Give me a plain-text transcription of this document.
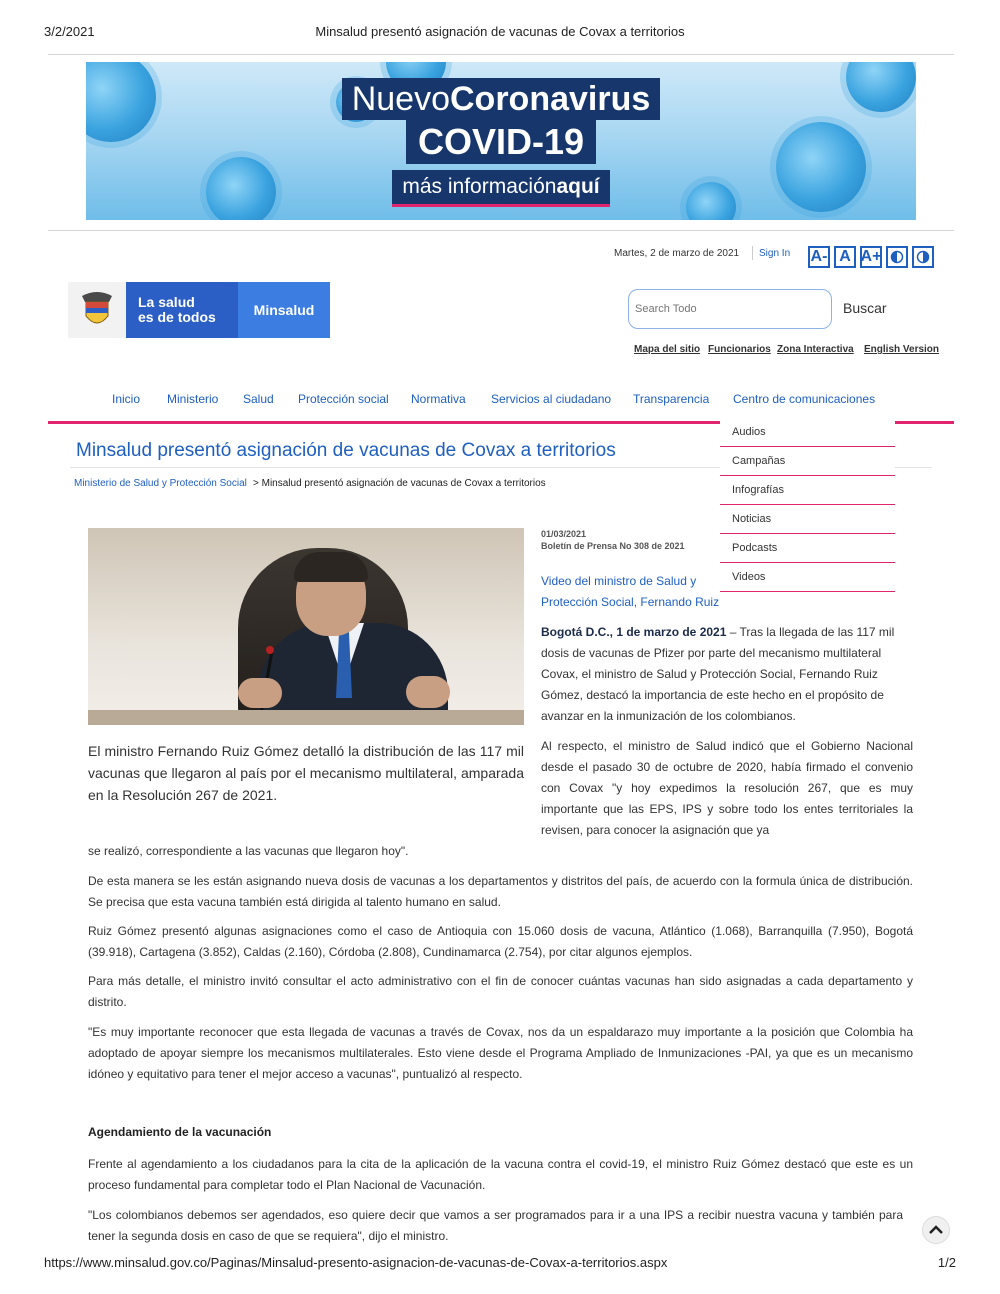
3/2/2021	Minsalud presentó asignación de vacunas de Covax a territorios
NuevoCoronavirus
COVID-19
más informaciónaquí
Martes, 2 de marzo de 2021 Sign In A- A A+
La salud
es de todos	Minsalud
Search Todo	Buscar
Mapa del sitio Funcionarios Zona Interactiva English Version
Inicio Ministerio Salud Protección social Normativa Servicios al ciudadano Transparencia Centro de comunicaciones
Minsalud presentó asignación de vacunas de Covax a territorios
Ministerio de Salud y Protección Social > Minsalud presentó asignación de vacunas de Covax a territorios
Audios
Campañas
Infografías
Noticias
Podcasts
Videos
El ministro Fernando Ruiz Gómez detalló la distribución de las 117 mil vacunas que llegaron al país por el mecanismo multilateral, amparada en la Resolución 267 de 2021.
01/03/2021
Boletín de Prensa No 308 de 2021
Video del ministro de Salud y Protección Social, Fernando Ruiz
Bogotá D.C., 1 de marzo de 2021 – Tras la llegada de las 117 mil dosis de vacunas de Pfizer por parte del mecanismo multilateral Covax, el ministro de Salud y Protección Social, Fernando Ruiz Gómez, destacó la importancia de este hecho en el propósito de avanzar en la inmunización de los colombianos.
Al respecto, el ministro de Salud indicó que el Gobierno Nacional desde el pasado 30 de octubre de 2020, había firmado el convenio con Covax "y hoy expedimos la resolución 267, que es muy importante que las EPS, IPS y sobre todo los entes territoriales la revisen, para conocer la asignación que ya
se realizó, correspondiente a las vacunas que llegaron hoy".
De esta manera se les están asignando nueva dosis de vacunas a los departamentos y distritos del país, de acuerdo con la formula única de distribución. Se precisa que esta vacuna también está dirigida al talento humano en salud.
Ruiz Gómez presentó algunas asignaciones como el caso de Antioquia con 15.060 dosis de vacuna, Atlántico (1.068), Barranquilla (7.950), Bogotá (39.918), Cartagena (3.852), Caldas (2.160), Córdoba (2.808), Cundinamarca (2.754), por citar algunos ejemplos.
Para más detalle, el ministro invitó consultar el acto administrativo con el fin de conocer cuántas vacunas han sido asignadas a cada departamento y distrito.
"Es muy importante reconocer que esta llegada de vacunas a través de Covax, nos da un espaldarazo muy importante a la posición que Colombia ha adoptado de apoyar siempre los mecanismos multilaterales. Esto viene desde el Programa Ampliado de Inmunizaciones -PAI, ya que es un mecanismo idóneo y equitativo para tener el mejor acceso a vacunas", puntualizó al respecto.
Agendamiento de la vacunación
Frente al agendamiento a los ciudadanos para la cita de la aplicación de la vacuna contra el covid-19, el ministro Ruiz Gómez destacó que este es un proceso fundamental para completar todo el Plan Nacional de Vacunación.
"Los colombianos debemos ser agendados, eso quiere decir que vamos a ser programados para ir a una IPS a recibir nuestra vacuna y también para tener la segunda dosis en caso de que se requiera", dijo el ministro.
https://www.minsalud.gov.co/Paginas/Minsalud-presento-asignacion-de-vacunas-de-Covax-a-territorios.aspx	1/2
